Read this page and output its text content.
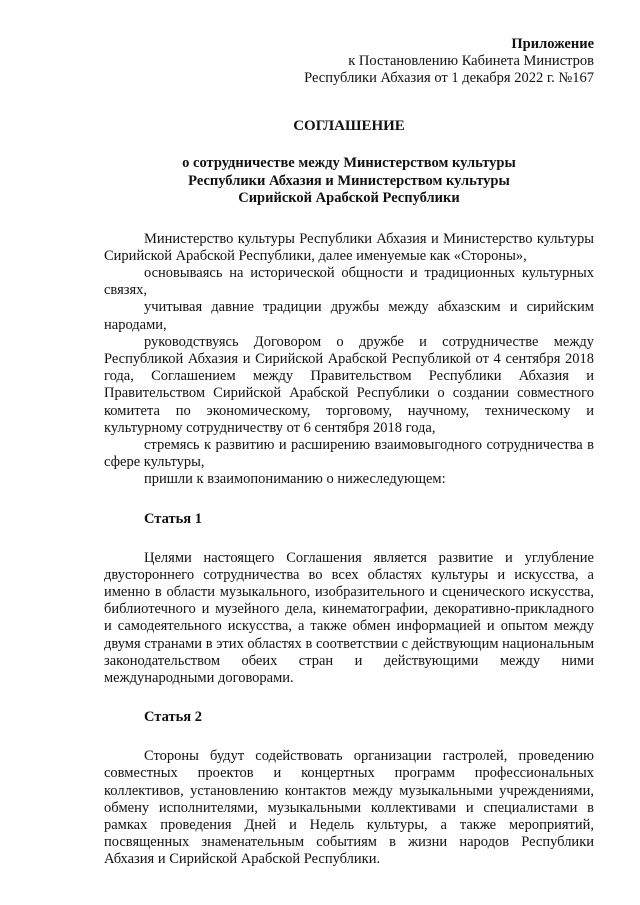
Приложение
к Постановлению Кабинета Министров
Республики Абхазия от 1 декабря 2022 г. №167
СОГЛАШЕНИЕ
о сотрудничестве между Министерством культуры
Республики Абхазия и Министерством культуры
Сирийской Арабской Республики

Министерство культуры Республики Абхазия и Министерство культуры Сирийской Арабской Республики, далее именуемые как «Стороны»,

основываясь на исторической общности и традиционных культурных связях,

учитывая давние традиции дружбы между абхазским и сирийским народами,

руководствуясь Договором о дружбе и сотрудничестве между Республикой Абхазия и Сирийской Арабской Республикой от 4 сентября 2018 года, Соглашением между Правительством Республики Абхазия и Правительством Сирийской Арабской Республики о создании совместного комитета по экономическому, торговому, научному, техническому и культурному сотрудничеству от 6 сентября 2018 года,

стремясь к развитию и расширению взаимовыгодного сотрудничества в сфере культуры,

пришли к взаимопониманию о нижеследующем:

Статья 1

Целями настоящего Соглашения является развитие и углубление двустороннего сотрудничества во всех областях культуры и искусства, а именно в области музыкального, изобразительного и сценического искусства, библиотечного и музейного дела, кинематографии, декоративно-прикладного и самодеятельного искусства, а также обмен информацией и опытом между двумя странами в этих областях в соответствии с действующим национальным законодательством обеих стран и действующими между ними международными договорами.

Статья 2

Стороны будут содействовать организации гастролей, проведению совместных проектов и концертных программ профессиональных коллективов, установлению контактов между музыкальными учреждениями, обмену исполнителями, музыкальными коллективами и специалистами в рамках проведения Дней и Недель культуры, а также мероприятий, посвященных знаменательным событиям в жизни народов Республики Абхазия и Сирийской Арабской Республики.
